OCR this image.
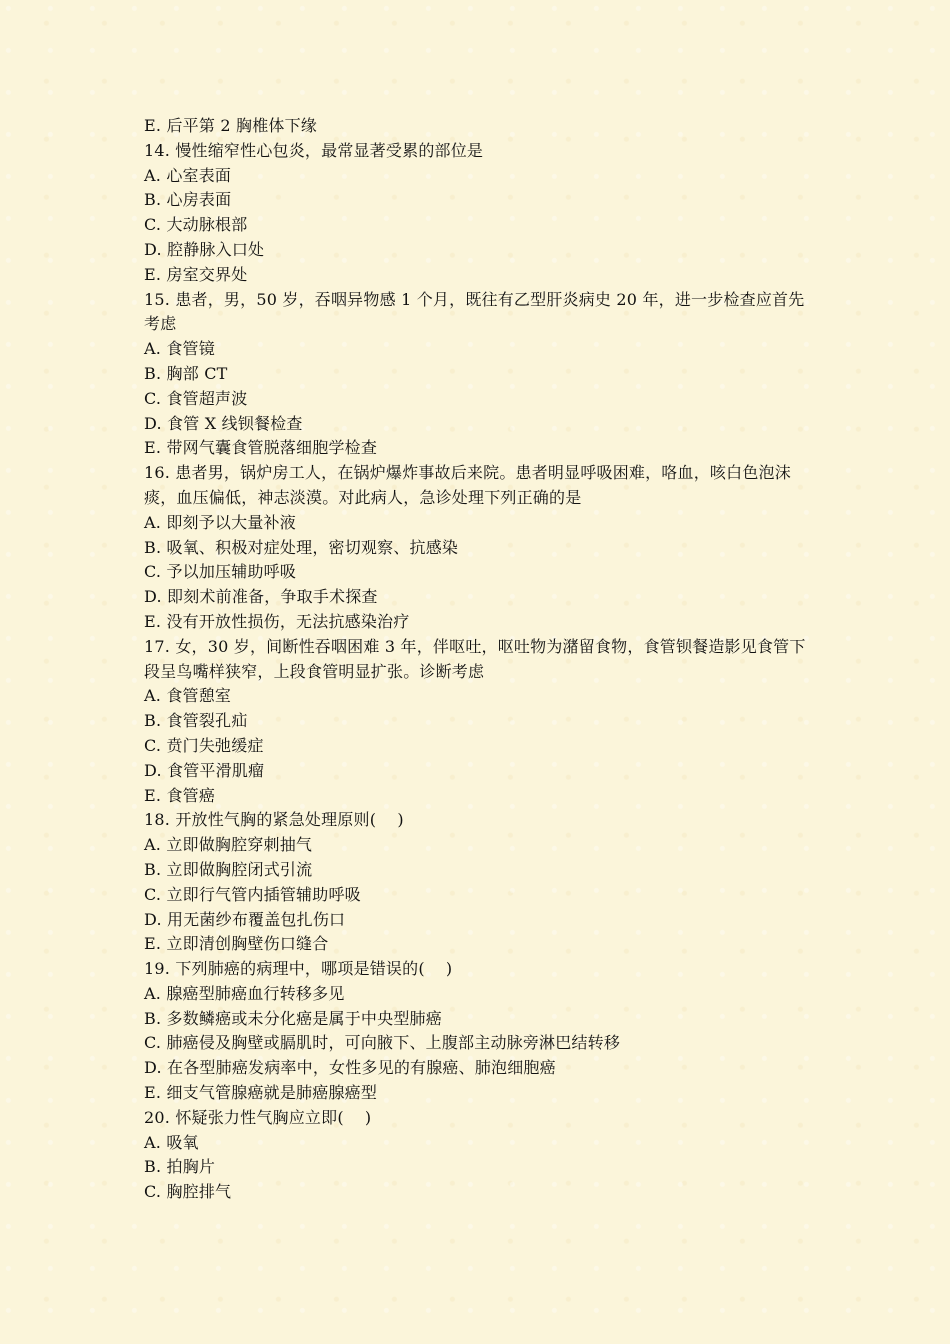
E. 后平第 2 胸椎体下缘
14. 慢性缩窄性心包炎，最常显著受累的部位是
A. 心室表面
B. 心房表面
C. 大动脉根部
D. 腔静脉入口处
E. 房室交界处
15. 患者，男，50 岁，吞咽异物感 1 个月，既往有乙型肝炎病史 20 年，进一步检查应首先
考虑
A. 食管镜
B. 胸部 CT
C. 食管超声波
D. 食管 X 线钡餐检查
E. 带网气囊食管脱落细胞学检查
16. 患者男，锅炉房工人，在锅炉爆炸事故后来院。患者明显呼吸困难，咯血，咳白色泡沫
痰，血压偏低，神志淡漠。对此病人，急诊处理下列正确的是
A. 即刻予以大量补液
B. 吸氧、积极对症处理，密切观察、抗感染
C. 予以加压辅助呼吸
D. 即刻术前准备，争取手术探查
E. 没有开放性损伤，无法抗感染治疗
17. 女，30 岁，间断性吞咽困难 3 年，伴呕吐，呕吐物为潴留食物，食管钡餐造影见食管下
段呈鸟嘴样狭窄，上段食管明显扩张。诊断考虑
A. 食管憩室
B. 食管裂孔疝
C. 贲门失弛缓症
D. 食管平滑肌瘤
E. 食管癌
18. 开放性气胸的紧急处理原则(    )
A. 立即做胸腔穿刺抽气
B. 立即做胸腔闭式引流
C. 立即行气管内插管辅助呼吸
D. 用无菌纱布覆盖包扎伤口
E. 立即清创胸壁伤口缝合
19. 下列肺癌的病理中，哪项是错误的(    )
A. 腺癌型肺癌血行转移多见
B. 多数鳞癌或未分化癌是属于中央型肺癌
C. 肺癌侵及胸壁或膈肌时，可向腋下、上腹部主动脉旁淋巴结转移
D. 在各型肺癌发病率中，女性多见的有腺癌、肺泡细胞癌
E. 细支气管腺癌就是肺癌腺癌型
20. 怀疑张力性气胸应立即(    )
A. 吸氧
B. 拍胸片
C. 胸腔排气
